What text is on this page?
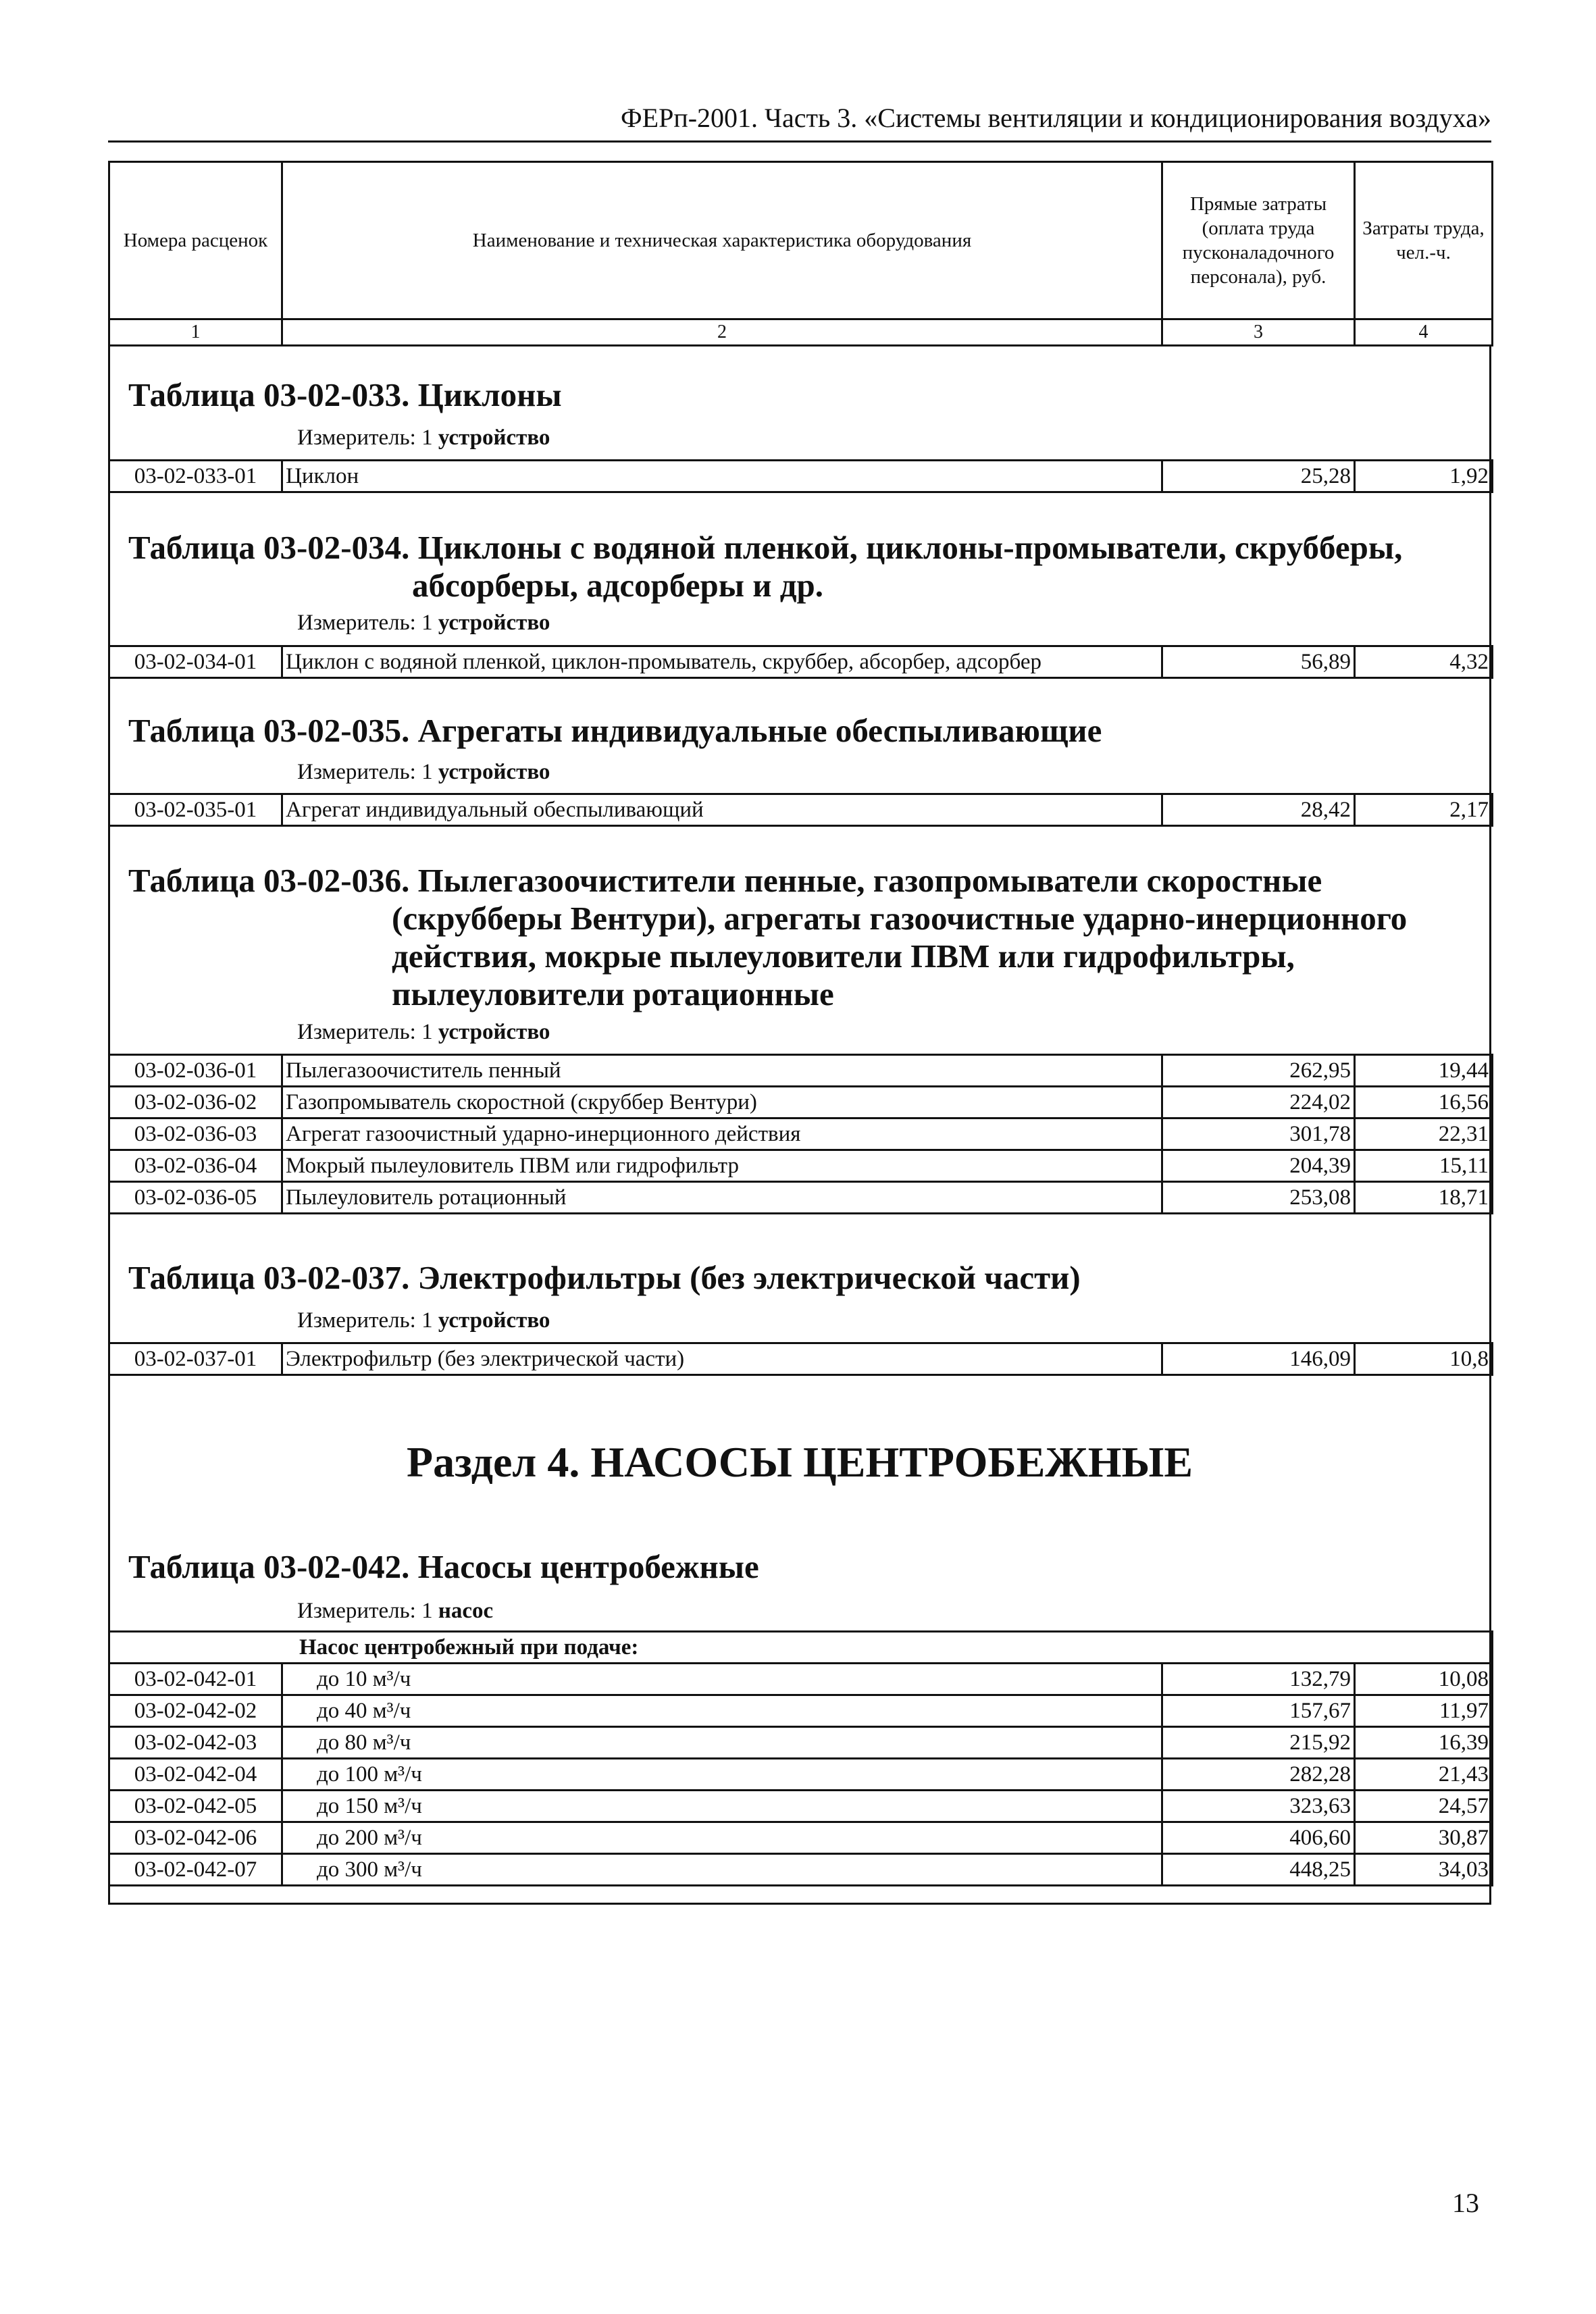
ФЕРп-2001. Часть 3. «Системы вентиляции и кондиционирования воздуха»
Номера расценок	Наименование и техническая характеристика оборудования	Прямые затраты (оплата труда пусконаладочного персонала), руб.	Затраты труда, чел.-ч.
1	2	3	4
Таблица 03-02-033. Циклоны
Измеритель: 1 устройство
03-02-033-01	Циклон	25,28	1,92
Таблица 03-02-034. Циклоны с водяной пленкой, циклоны-промыватели, скрубберы,
абсорберы, адсорберы и др.
Измеритель: 1 устройство
03-02-034-01	Циклон с водяной пленкой, циклон-промыватель, скруббер, абсорбер, адсорбер	56,89	4,32
Таблица 03-02-035. Агрегаты индивидуальные обеспыливающие
Измеритель: 1 устройство
03-02-035-01	Агрегат индивидуальный обеспыливающий	28,42	2,17
Таблица 03-02-036. Пылегазоочистители пенные, газопромыватели скоростные
(скрубберы Вентури), агрегаты газоочистные ударно-инерционного
действия, мокрые пылеуловители ПВМ или гидрофильтры,
пылеуловители ротационные
Измеритель: 1 устройство
03-02-036-01	Пылегазоочиститель пенный	262,95	19,44
03-02-036-02	Газопромыватель скоростной (скруббер Вентури)	224,02	16,56
03-02-036-03	Агрегат газоочистный ударно-инерционного действия	301,78	22,31
03-02-036-04	Мокрый пылеуловитель ПВМ или гидрофильтр	204,39	15,11
03-02-036-05	Пылеуловитель ротационный	253,08	18,71
Таблица 03-02-037. Электрофильтры (без электрической части)
Измеритель: 1 устройство
03-02-037-01	Электрофильтр (без электрической части)	146,09	10,8
Раздел 4. НАСОСЫ ЦЕНТРОБЕЖНЫЕ
Таблица 03-02-042. Насосы центробежные
Измеритель: 1 насос
Насос центробежный при подаче:			
03-02-042-01	до 10 м³/ч	132,79	10,08
03-02-042-02	до 40 м³/ч	157,67	11,97
03-02-042-03	до 80 м³/ч	215,92	16,39
03-02-042-04	до 100 м³/ч	282,28	21,43
03-02-042-05	до 150 м³/ч	323,63	24,57
03-02-042-06	до 200 м³/ч	406,60	30,87
03-02-042-07	до 300 м³/ч	448,25	34,03
13
